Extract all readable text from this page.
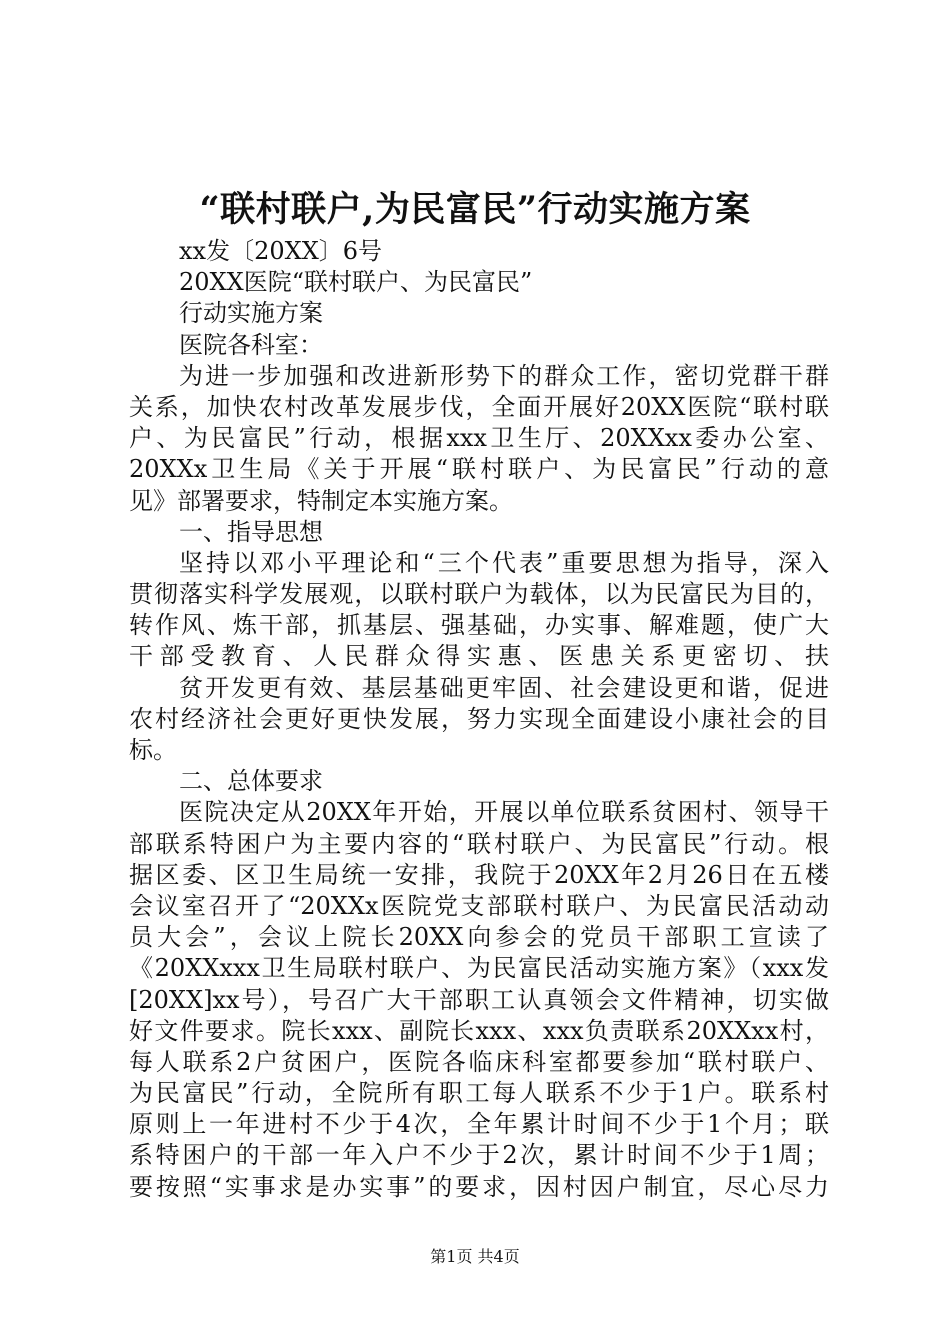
“联村联户,为民富民”行动实施方案
xx发〔20XX〕6号
20XX医院“联村联户、为民富民”
行动实施方案
医院各科室：
为进一步加强和改进新形势下的群众工作，密切党群干群
关系，加快农村改革发展步伐，全面开展好20XX医院“联村联
户、为民富民”行动，根据xxx卫生厅、20XXxx委办公室、
20XXx卫生局《关于开展“联村联户、为民富民”行动的意
见》部署要求，特制定本实施方案。
一、指导思想
坚持以邓小平理论和“三个代表”重要思想为指导，深入
贯彻落实科学发展观，以联村联户为载体，以为民富民为目的，
转作风、炼干部，抓基层、强基础，办实事、解难题，使广大
干部受教育、人民群众得实惠、医患关系更密切、扶
贫开发更有效、基层基础更牢固、社会建设更和谐，促进
农村经济社会更好更快发展，努力实现全面建设小康社会的目
标。
二、总体要求
医院决定从20XX年开始，开展以单位联系贫困村、领导干
部联系特困户为主要内容的“联村联户、为民富民”行动。根
据区委、区卫生局统一安排，我院于20XX年2月26日在五楼
会议室召开了“20XXx医院党支部联村联户、为民富民活动动
员大会”，会议上院长20XX向参会的党员干部职工宣读了
《20XXxxx卫生局联村联户、为民富民活动实施方案》（xxx发
[20XX]xx号），号召广大干部职工认真领会文件精神，切实做
好文件要求。院长xxx、副院长xxx、xxx负责联系20XXxx村，
每人联系2户贫困户，医院各临床科室都要参加“联村联户、
为民富民”行动，全院所有职工每人联系不少于1户。联系村
原则上一年进村不少于4次，全年累计时间不少于1个月；联
系特困户的干部一年入户不少于2次，累计时间不少于1周；
要按照“实事求是办实事”的要求，因村因户制宜，尽心尽力
第1页 共4页
